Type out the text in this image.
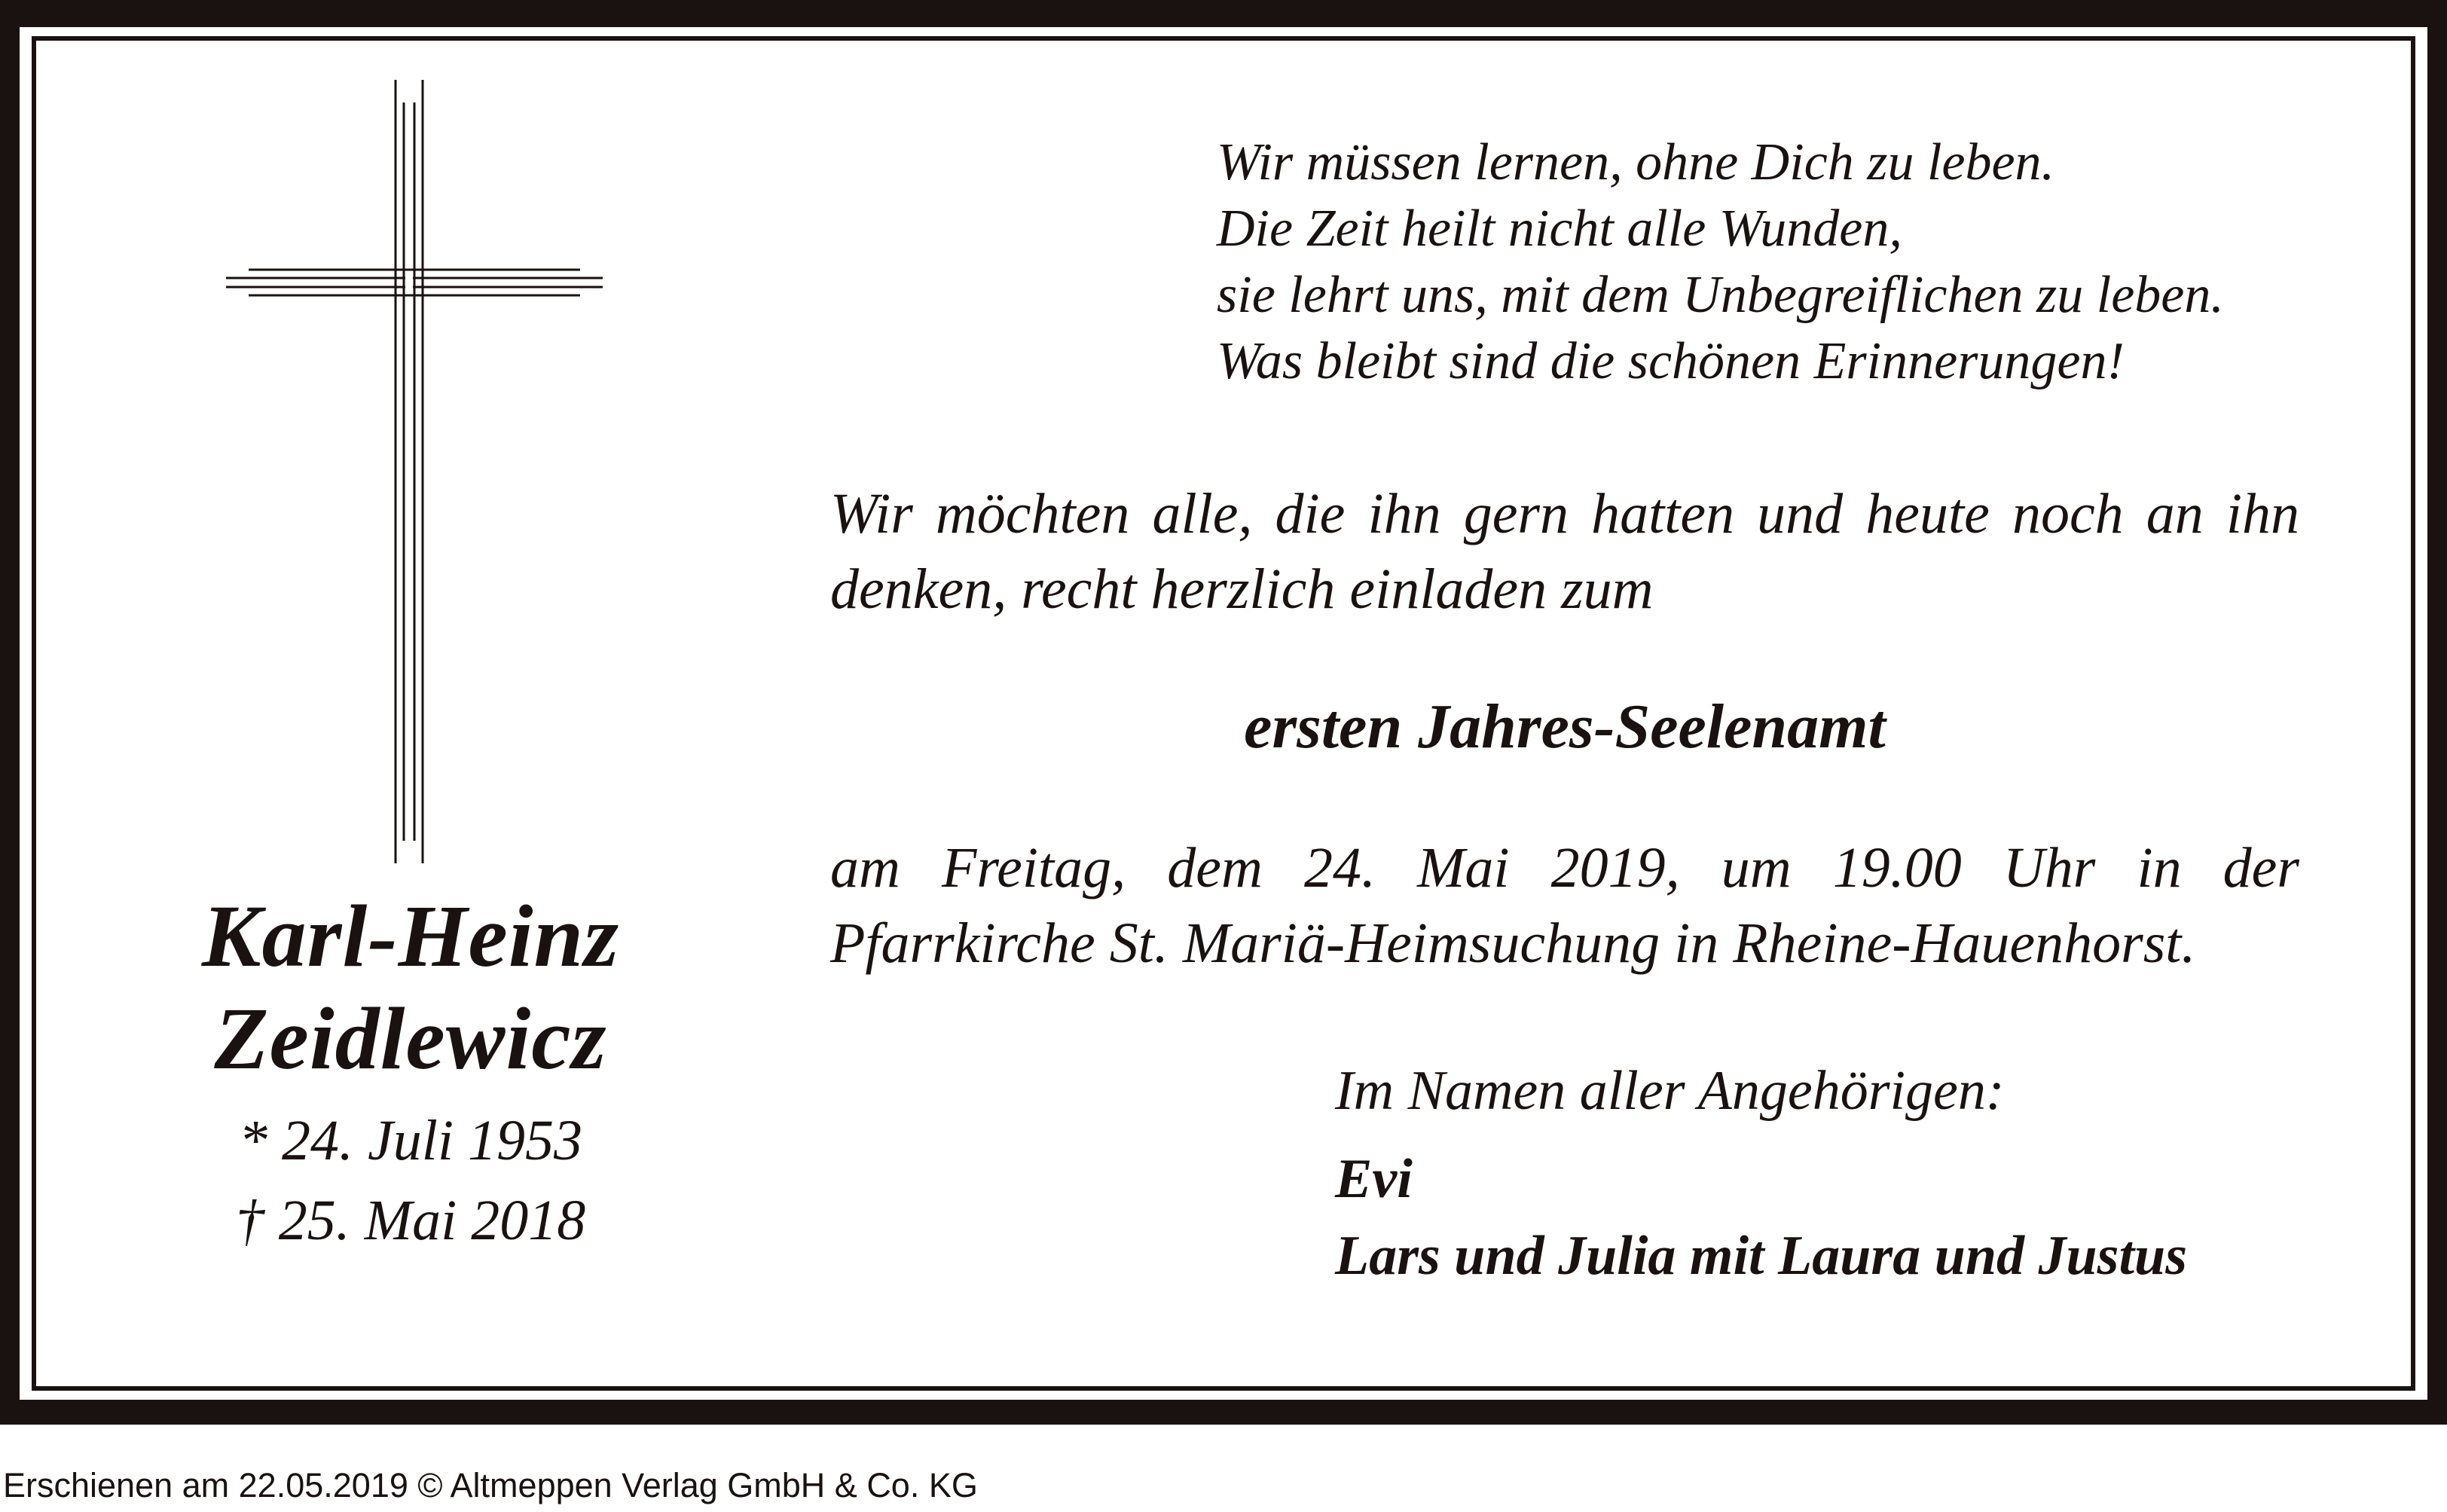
Karl-Heinz
Zeidlewicz
* 24. Juli 1953
† 25. Mai 2018
Wir müssen lernen, ohne Dich zu leben.
Die Zeit heilt nicht alle Wunden,
sie lehrt uns, mit dem Unbegreiflichen zu leben.
Was bleibt sind die schönen Erinnerungen!
Wir möchten alle, die ihn gern hatten und heute noch an ihn denken, recht herzlich einladen zum
ersten Jahres-Seelenamt
am Freitag, dem 24. Mai 2019, um 19.00 Uhr in der Pfarrkirche St. Mariä-Heimsuchung in Rheine-Hauenhorst.
Im Namen aller Angehörigen:
Evi
Lars und Julia mit Laura und Justus
Erschienen am 22.05.2019 © Altmeppen Verlag GmbH & Co. KG
